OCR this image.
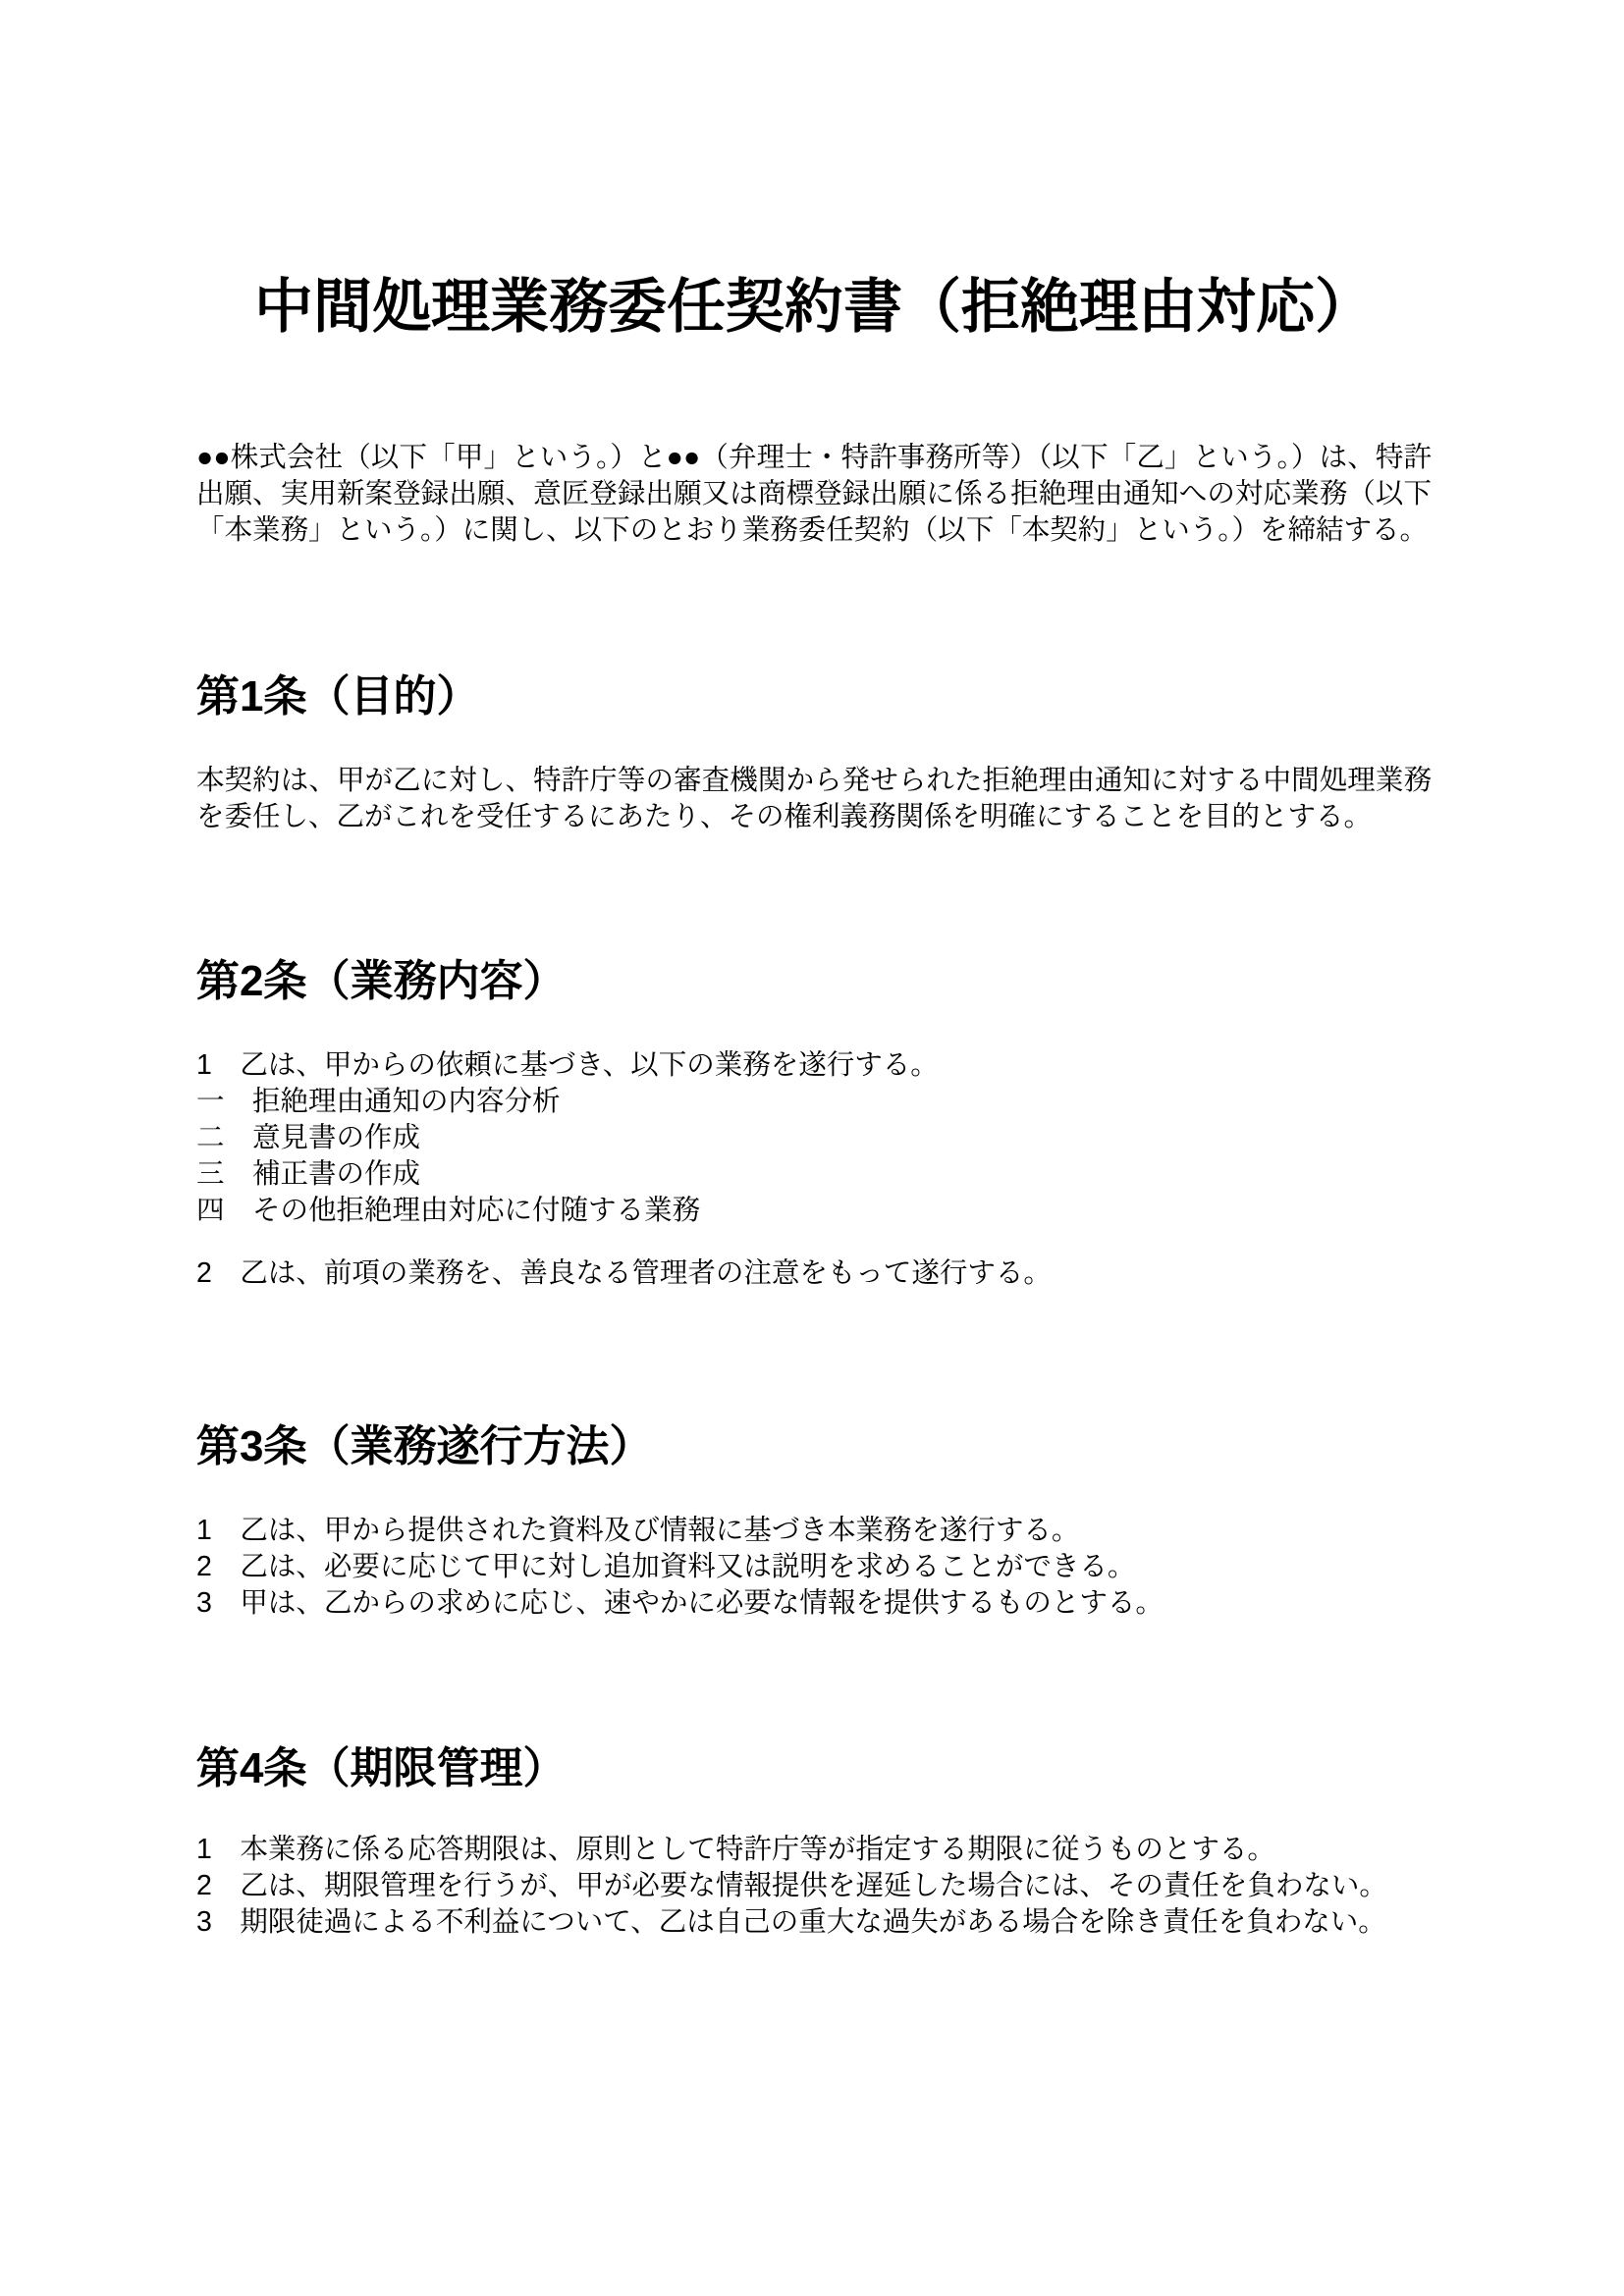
中間処理業務委任契約書（拒絶理由対応）

●●株式会社（以下「甲」という。）と●●（弁理士・特許事務所等）（以下「乙」という。）は、特許出願、実用新案登録出願、意匠登録出願又は商標登録出願に係る拒絶理由通知への対応業務（以下「本業務」という。）に関し、以下のとおり業務委任契約（以下「本契約」という。）を締結する。

第1条（目的）

本契約は、甲が乙に対し、特許庁等の審査機関から発せられた拒絶理由通知に対する中間処理業務を委任し、乙がこれを受任するにあたり、その権利義務関係を明確にすることを目的とする。

第2条（業務内容）

1　乙は、甲からの依頼に基づき、以下の業務を遂行する。

一　拒絶理由通知の内容分析

二　意見書の作成

三　補正書の作成

四　その他拒絶理由対応に付随する業務

2　乙は、前項の業務を、善良なる管理者の注意をもって遂行する。

第3条（業務遂行方法）

1　乙は、甲から提供された資料及び情報に基づき本業務を遂行する。

2　乙は、必要に応じて甲に対し追加資料又は説明を求めることができる。

3　甲は、乙からの求めに応じ、速やかに必要な情報を提供するものとする。

第4条（期限管理）

1　本業務に係る応答期限は、原則として特許庁等が指定する期限に従うものとする。

2　乙は、期限管理を行うが、甲が必要な情報提供を遅延した場合には、その責任を負わない。

3　期限徒過による不利益について、乙は自己の重大な過失がある場合を除き責任を負わない。
